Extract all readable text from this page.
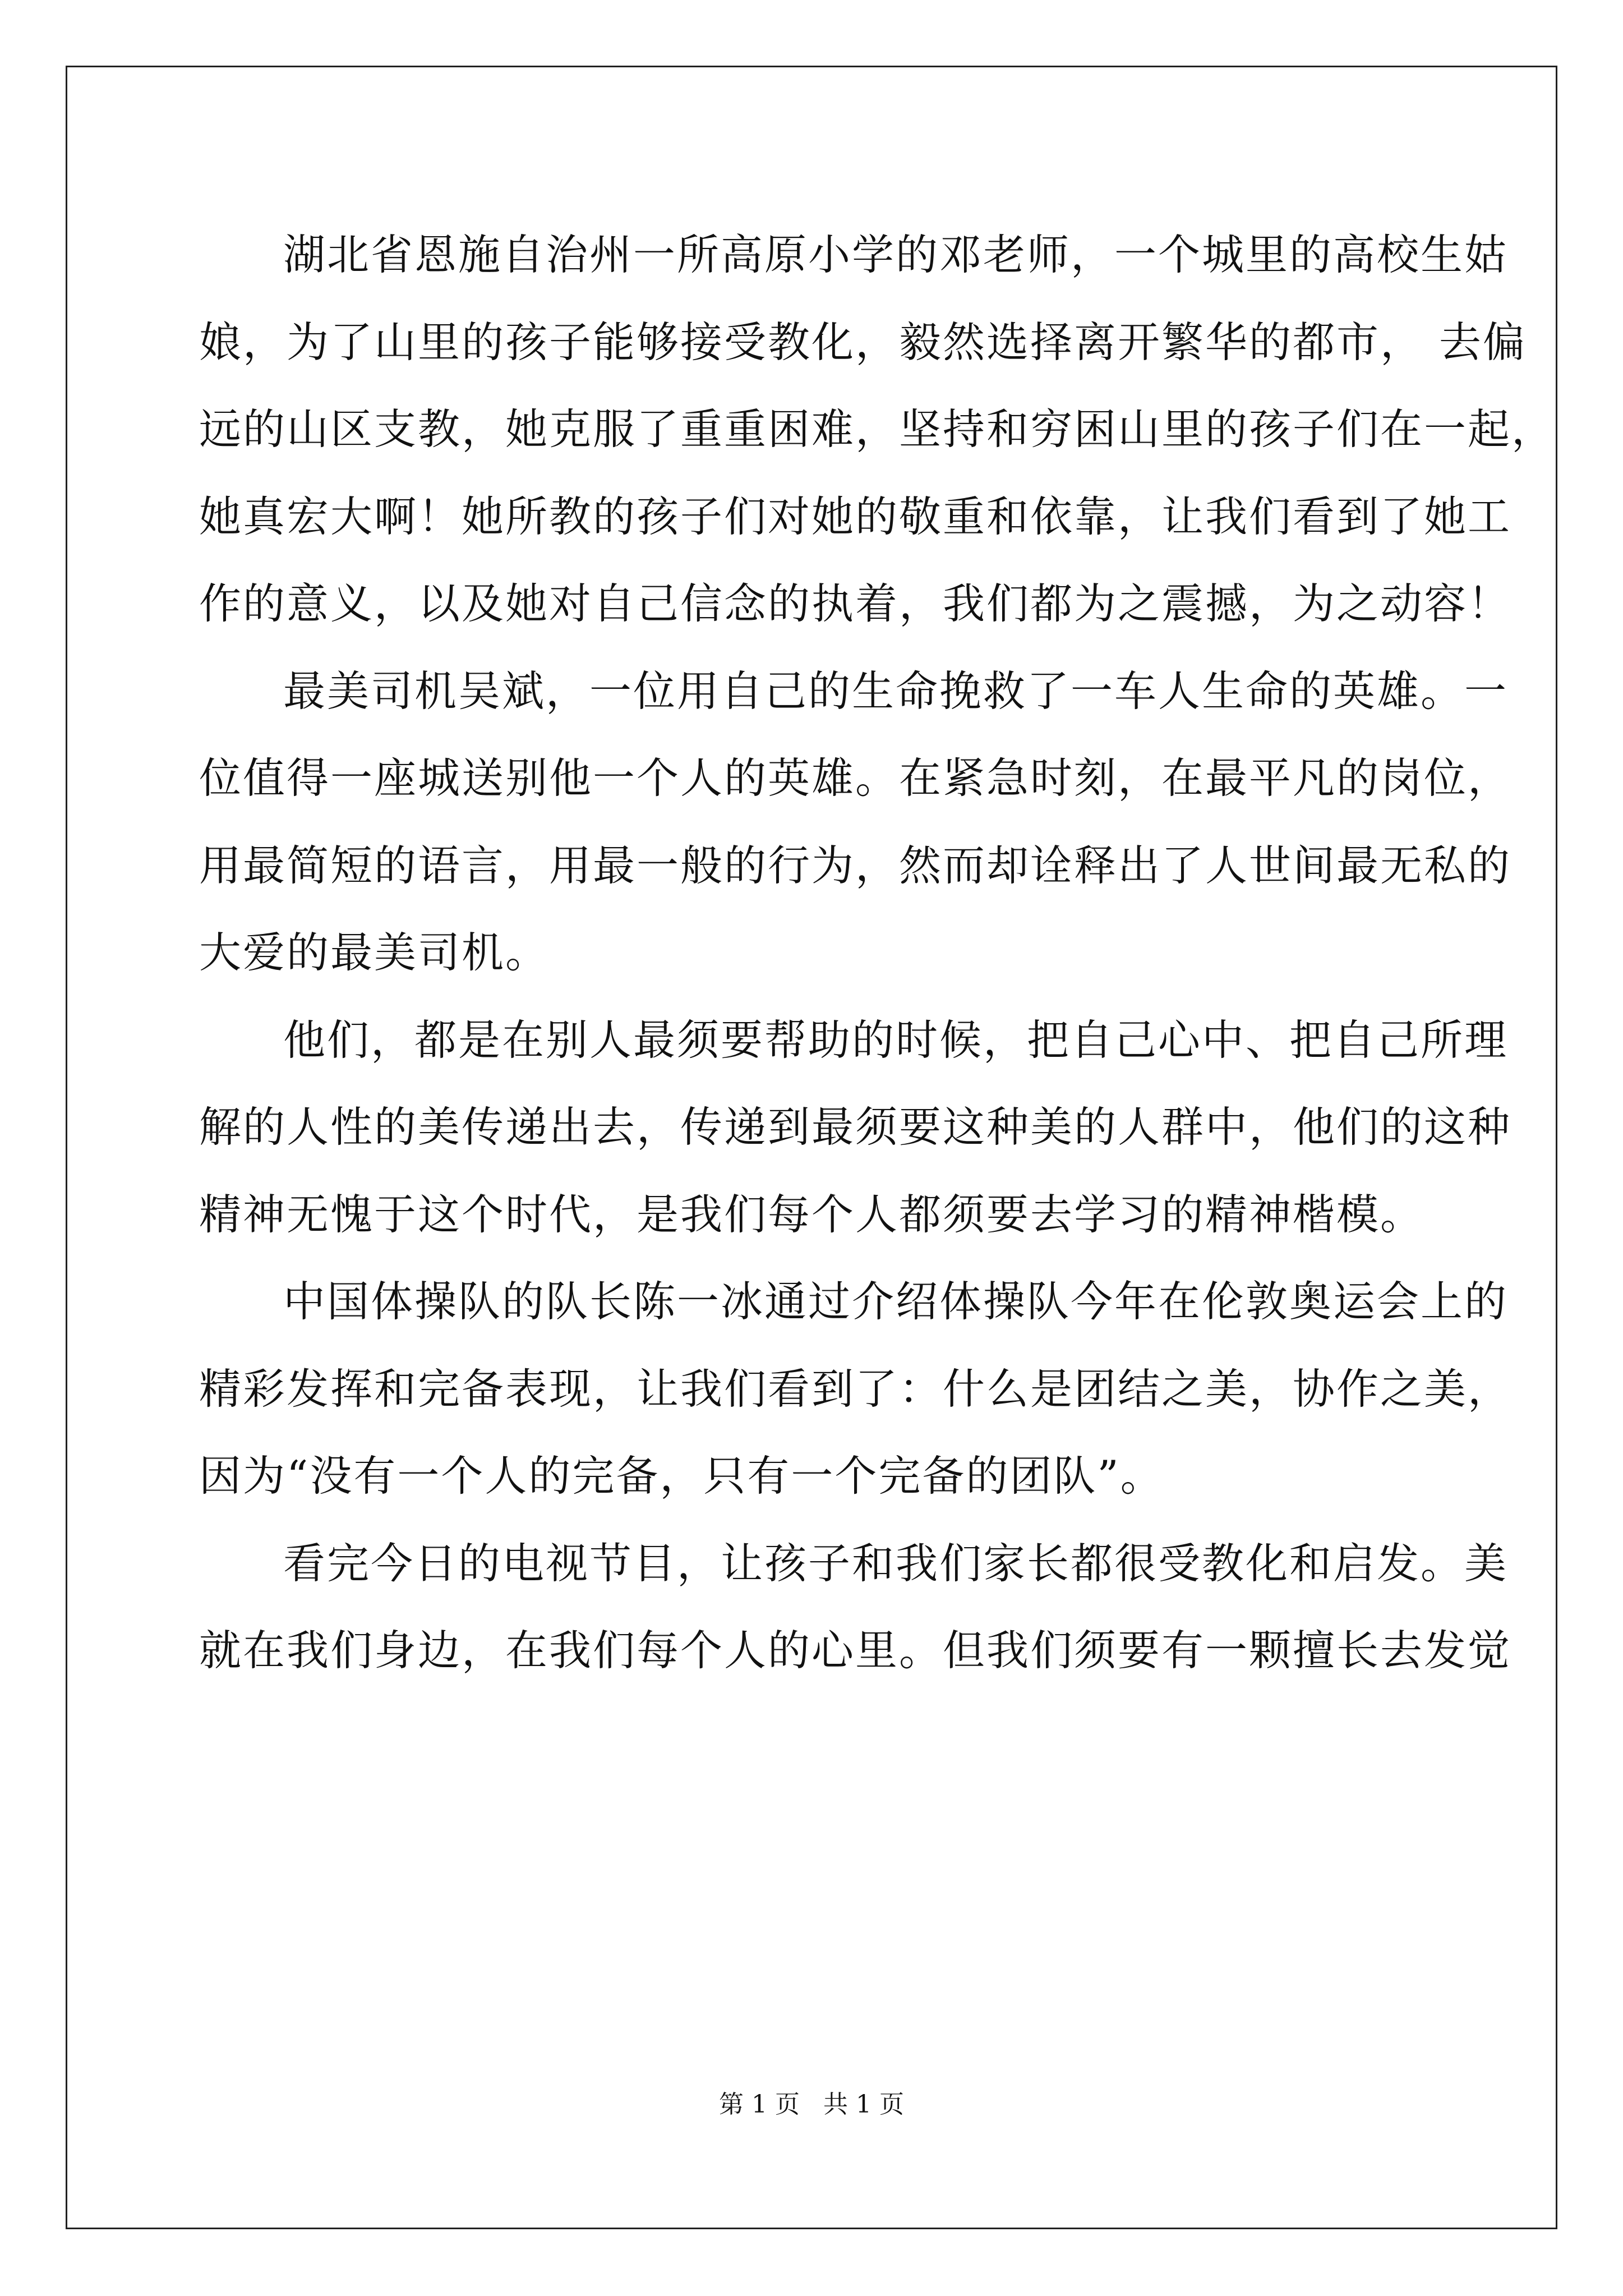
湖北省恩施自治州一所高原小学的邓老师，一个城里的高校生姑
娘，为了山里的孩子能够接受教化，毅然选择离开繁华的都市， 去偏
远的山区支教，她克服了重重困难，坚持和穷困山里的孩子们在一起，
她真宏大啊！她所教的孩子们对她的敬重和依靠，让我们看到了她工
作的意义，以及她对自己信念的执着，我们都为之震撼，为之动容！

最美司机吴斌，一位用自己的生命挽救了一车人生命的英雄。一
位值得一座城送别他一个人的英雄。在紧急时刻，在最平凡的岗位，
用最简短的语言，用最一般的行为，然而却诠释出了人世间最无私的
大爱的最美司机。

他们，都是在别人最须要帮助的时候，把自己心中、把自己所理
解的人性的美传递出去，传递到最须要这种美的人群中，他们的这种
精神无愧于这个时代，是我们每个人都须要去学习的精神楷模。

中国体操队的队长陈一冰通过介绍体操队今年在伦敦奥运会上的
精彩发挥和完备表现，让我们看到了：什么是团结之美，协作之美，
因为“没有一个人的完备，只有一个完备的团队”。

看完今日的电视节目，让孩子和我们家长都很受教化和启发。美
就在我们身边，在我们每个人的心里。但我们须要有一颗擅长去发觉

第 1 页   共 1 页
